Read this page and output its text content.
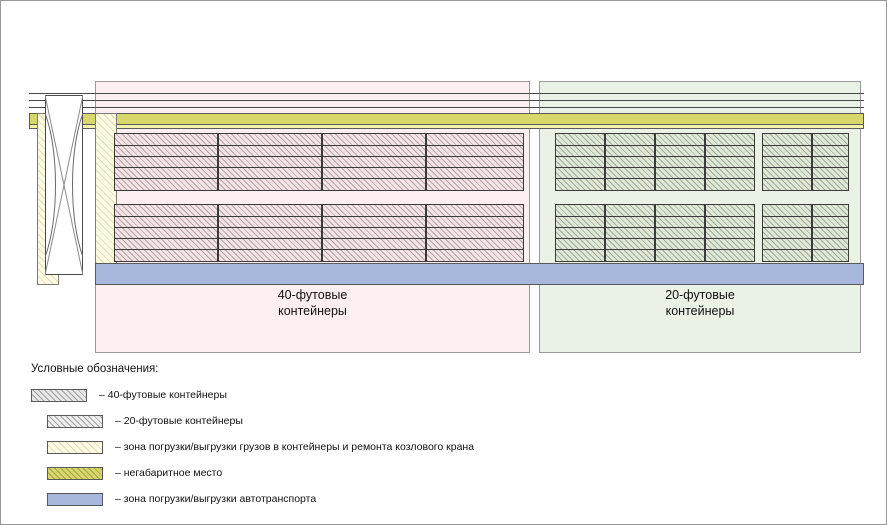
40-футовые
контейнеры
20-футовые
контейнеры
Условные обозначения:
– 40-футовые контейнеры
– 20-футовые контейнеры
– зона погрузки/выгрузки грузов в контейнеры и ремонта козлового крана
– негабаритное место
– зона погрузки/выгрузки автотранспорта
